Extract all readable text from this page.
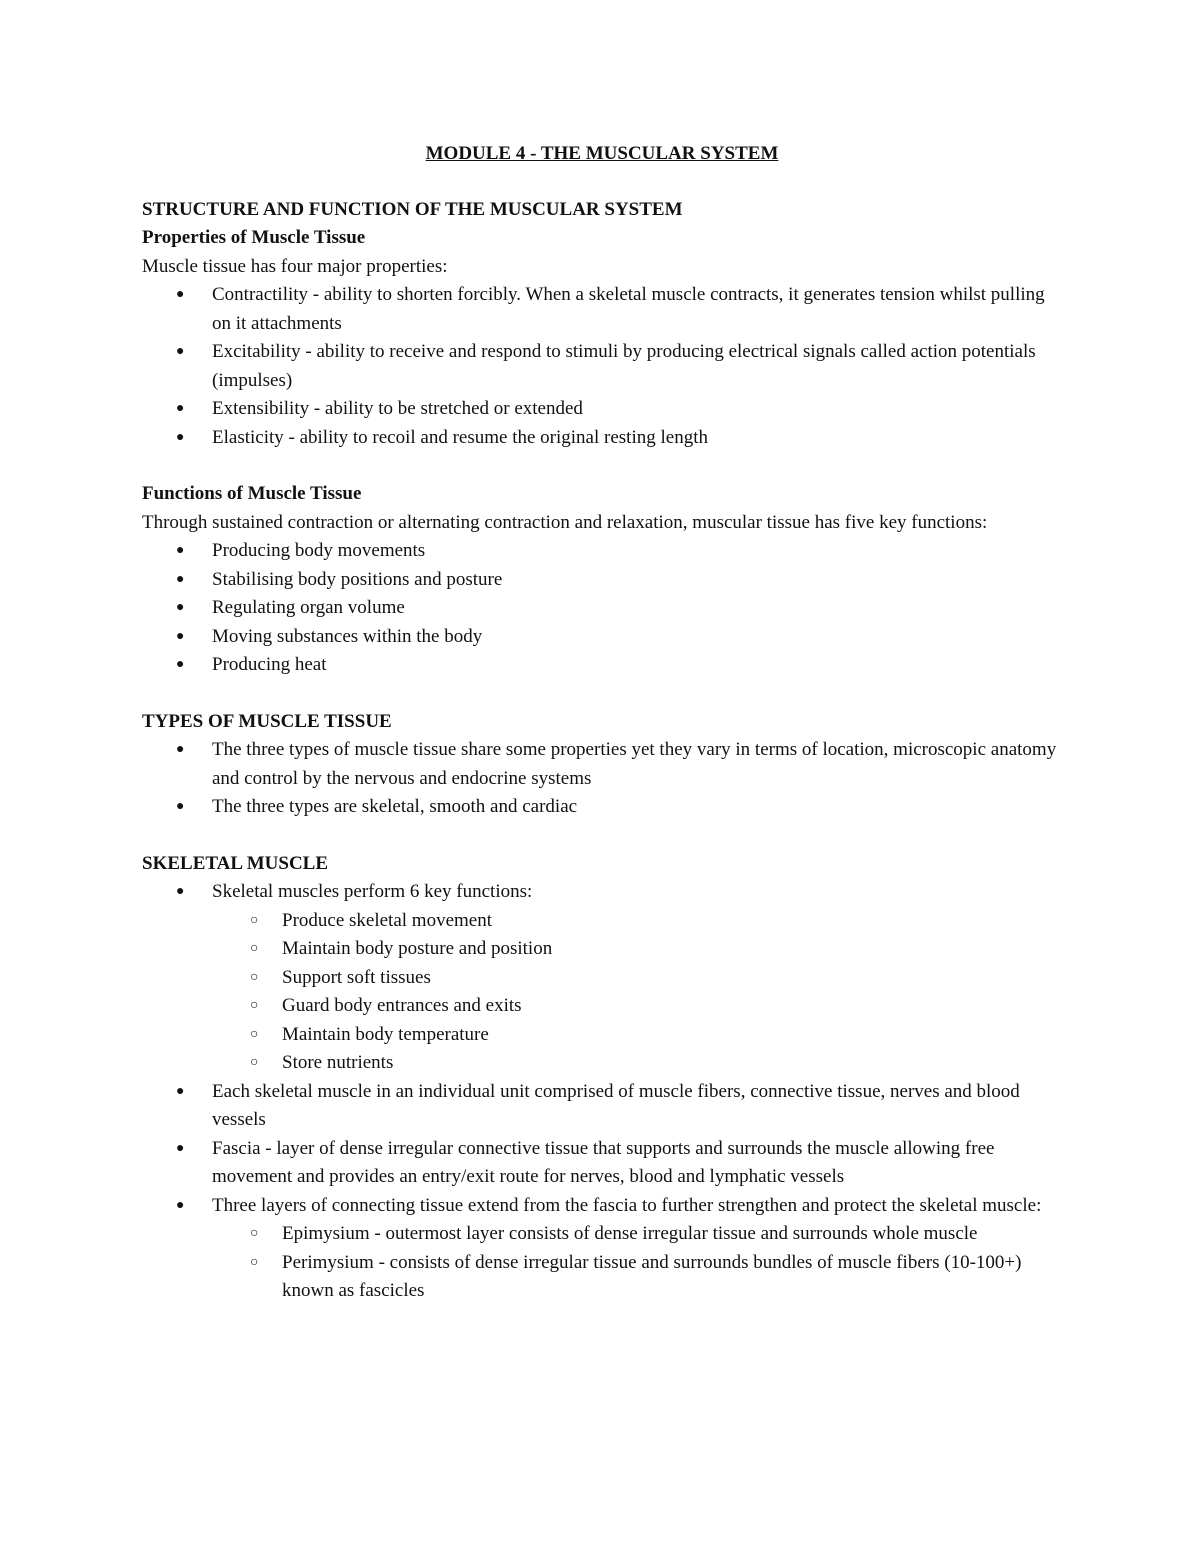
MODULE 4 - THE MUSCULAR SYSTEM
STRUCTURE AND FUNCTION OF THE MUSCULAR SYSTEM
Properties of Muscle Tissue
Muscle tissue has four major properties:
● Contractility - ability to shorten forcibly. When a skeletal muscle contracts, it generates tension whilst pulling on it attachments
● Excitability - ability to receive and respond to stimuli by producing electrical signals called action potentials (impulses)
● Extensibility - ability to be stretched or extended
● Elasticity - ability to recoil and resume the original resting length
Functions of Muscle Tissue
Through sustained contraction or alternating contraction and relaxation, muscular tissue has five key functions:
● Producing body movements
● Stabilising body positions and posture
● Regulating organ volume
● Moving substances within the body
● Producing heat
TYPES OF MUSCLE TISSUE
● The three types of muscle tissue share some properties yet they vary in terms of location, microscopic anatomy and control by the nervous and endocrine systems
● The three types are skeletal, smooth and cardiac
SKELETAL MUSCLE
● Skeletal muscles perform 6 key functions:
○ Produce skeletal movement
○ Maintain body posture and position
○ Support soft tissues
○ Guard body entrances and exits
○ Maintain body temperature
○ Store nutrients
● Each skeletal muscle in an individual unit comprised of muscle fibers, connective tissue, nerves and blood vessels
● Fascia - layer of dense irregular connective tissue that supports and surrounds the muscle allowing free movement and provides an entry/exit route for nerves, blood and lymphatic vessels
● Three layers of connecting tissue extend from the fascia to further strengthen and protect the skeletal muscle:
○ Epimysium - outermost layer consists of dense irregular tissue and surrounds whole muscle
○ Perimysium - consists of dense irregular tissue and surrounds bundles of muscle fibers (10-100+) known as fascicles
